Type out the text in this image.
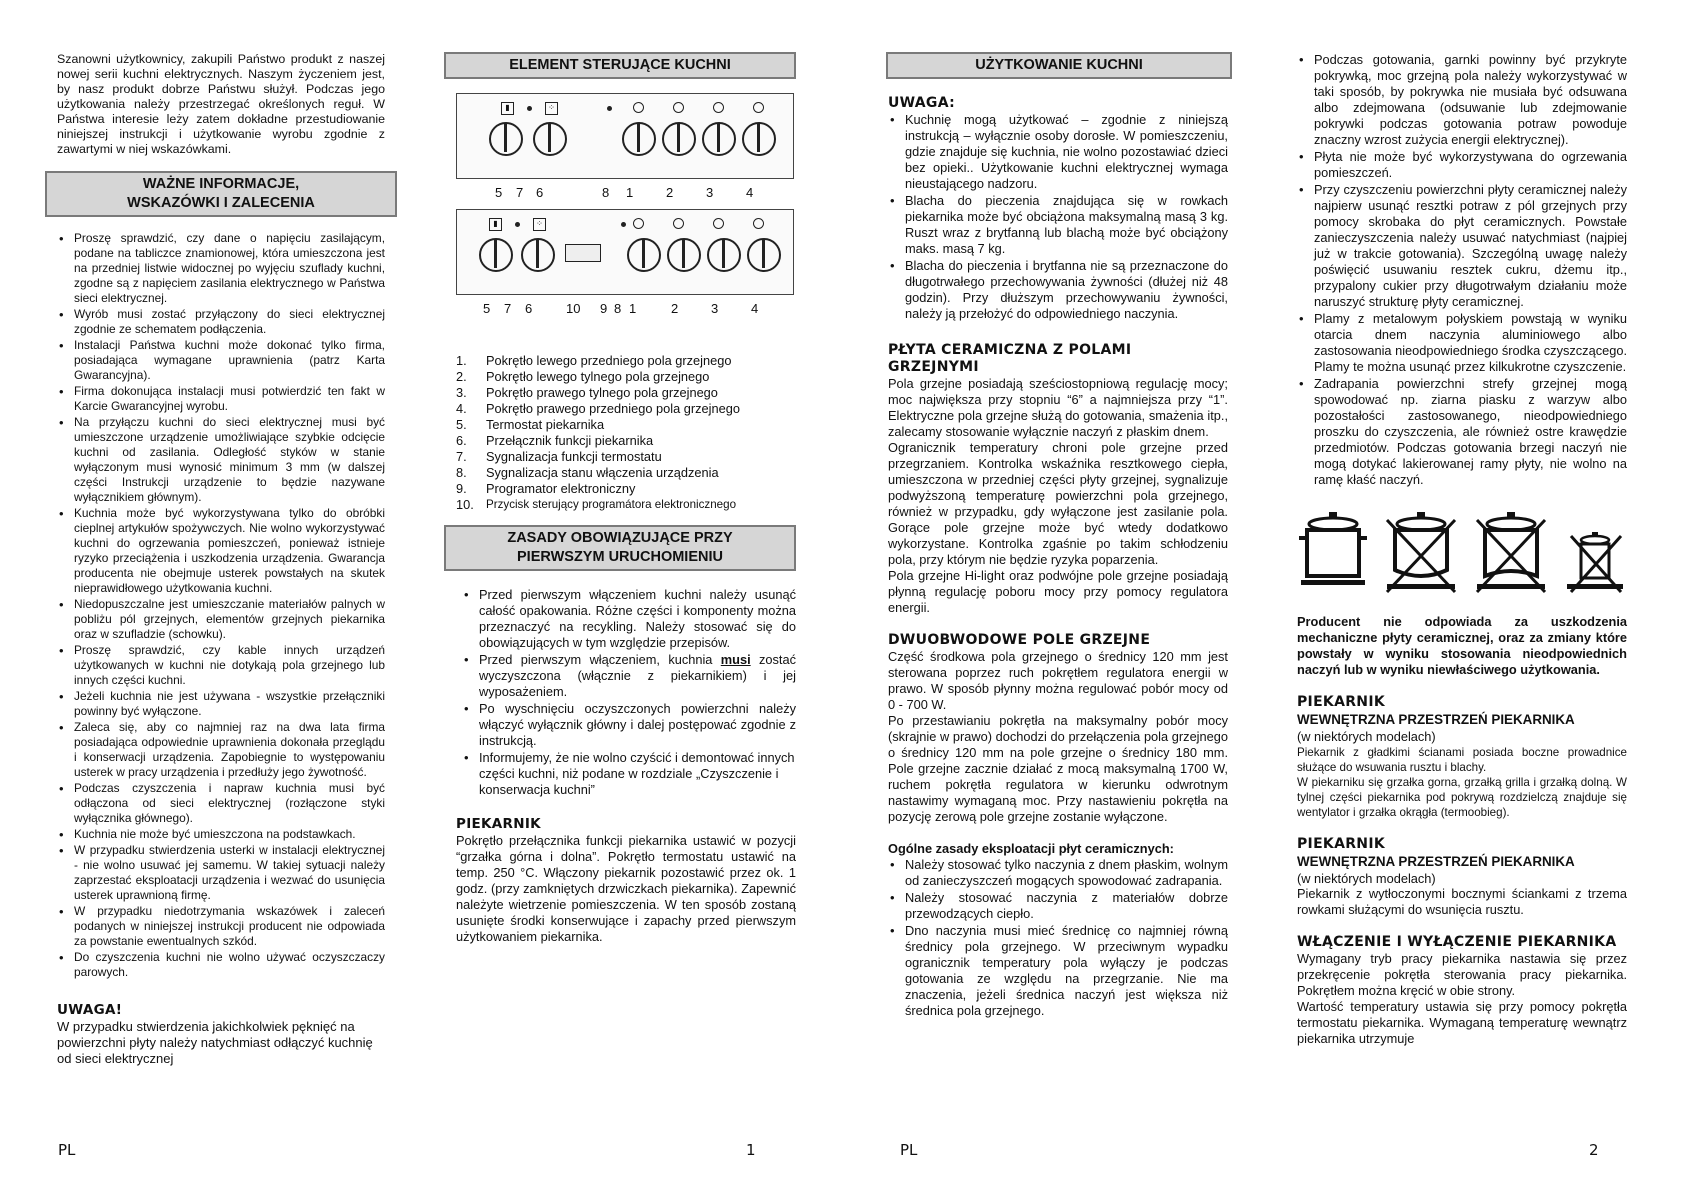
Szanowni użytkownicy, zakupili Państwo produkt z naszej nowej serii kuchni elektrycznych. Naszym życzeniem jest, by nasz produkt dobrze Państwu służył. Podczas jego użytkowania należy przestrzegać określonych reguł. W Państwa interesie leży zatem dokładne przestudiowanie niniejszej instrukcji i użytkowanie wyrobu zgodnie z zawartymi w niej wskazówkami.

WAŻNE INFORMACJE,
WSKAZÓWKI I ZALECENIA
• Proszę sprawdzić, czy dane o napięciu zasilającym, podane na tabliczce znamionowej, która umieszczona jest na przedniej listwie widocznej po wyjęciu szuflady kuchni, zgodne są z napięciem zasilania elektrycznego w Państwa sieci elektrycznej.
• Wyrób musi zostać przyłączony do sieci elektrycznej zgodnie ze schematem podłączenia.
• Instalacji Państwa kuchni może dokonać tylko firma, posiadająca wymagane uprawnienia (patrz Karta Gwarancyjna).
• Firma dokonująca instalacji musi potwierdzić ten fakt w Karcie Gwarancyjnej wyrobu.
• Na przyłączu kuchni do sieci elektrycznej musi być umieszczone urządzenie umożliwiające szybkie odcięcie kuchni od zasilania. Odległość styków w stanie wyłączonym musi wynosić minimum 3 mm (w dalszej części Instrukcji urządzenie to będzie nazywane wyłącznikiem głównym).
• Kuchnia może być wykorzystywana tylko do obróbki cieplnej artykułów spożywczych. Nie wolno wykorzystywać kuchni do ogrzewania pomieszczeń, ponieważ istnieje ryzyko przeciążenia i uszkodzenia urządzenia. Gwarancja producenta nie obejmuje usterek powstałych na skutek nieprawidłowego użytkowania kuchni.
• Niedopuszczalne jest umieszczanie materiałów palnych w pobliżu pól grzejnych, elementów grzejnych piekarnika oraz w szufladzie (schowku).
• Proszę sprawdzić, czy kable innych urządzeń użytkowanych w kuchni nie dotykają pola grzejnego lub innych części kuchni.
• Jeżeli kuchnia nie jest używana - wszystkie przełączniki powinny być wyłączone.
• Zaleca się, aby co najmniej raz na dwa lata firma posiadająca odpowiednie uprawnienia dokonała przeglądu i konserwacji urządzenia. Zapobiegnie to występowaniu usterek w pracy urządzenia i przedłuży jego żywotność.
• Podczas czyszczenia i napraw kuchnia musi być odłączona od sieci elektrycznej (rozłączone styki wyłącznika głównego).
• Kuchnia nie może być umieszczona na podstawkach.
• W przypadku stwierdzenia usterki w instalacji elektrycznej - nie wolno usuwać jej samemu. W takiej sytuacji należy zaprzestać eksploatacji urządzenia i wezwać do usunięcia usterek uprawnioną firmę.
• W przypadku niedotrzymania wskazówek i zaleceń podanych w niniejszej instrukcji producent nie odpowiada za powstanie ewentualnych szkód.
• Do czyszczenia kuchni nie wolno używać oczyszczaczy parowych.
UWAGA!

W przypadku stwierdzenia jakichkolwiek pęknięć na powierzchni płyty należy natychmiast odłączyć kuchnię od sieci elektrycznej

ELEMENT STERUJĄCE KUCHNI
▮	⁘
5 7 6	8 1	2	3	4
▮	⁘
5 7 6	10 9 8 1	2	3	4
1.	Pokrętło lewego przedniego pola grzejnego
2.	Pokrętło lewego tylnego pola grzejnego
3.	Pokrętło prawego tylnego pola grzejnego
4.	Pokrętło prawego przedniego pola grzejnego
5.	Termostat piekarnika
6.	Przełącznik funkcji piekarnika
7.	Sygnalizacja funkcji termostatu
8.	Sygnalizacja stanu włączenia urządzenia
9.	Programator elektroniczny
10.	Przycisk sterujący programátora elektronicznego
ZASADY OBOWIĄZUJĄCE PRZY
PIERWSZYM URUCHOMIENIU
• Przed pierwszym włączeniem kuchni należy usunąć całość opakowania. Różne części i komponenty można przeznaczyć na recykling. Należy stosować się do obowiązujących w tym względzie przepisów.
• Przed pierwszym włączeniem, kuchnia musi zostać wyczyszczona (włącznie z piekarnikiem) i jej wyposażeniem.
• Po wyschnięciu oczyszczonych powierzchni należy włączyć wyłącznik główny i dalej postępować zgodnie z instrukcją.
• Informujemy, że nie wolno czyścić i demontować innych części kuchni, niż podane w rozdziale „Czyszczenie i konserwacja kuchni”
PIEKARNIK

Pokrętło przełącznika funkcji piekarnika ustawić w pozycji “grzałka górna i dolna”. Pokrętło termostatu ustawić na temp. 250 °C. Włączony piekarnik pozostawić przez ok. 1 godz. (przy zamkniętych drzwiczkach piekarnika). Zapewnić należyte wietrzenie pomieszczenia. W ten sposób zostaną usunięte środki konserwujące i zapachy przed pierwszym użytkowaniem piekarnika.

UŻYTKOWANIE KUCHNI
UWAGA:
• Kuchnię mogą użytkować – zgodnie z niniejszą instrukcją – wyłącznie osoby dorosłe. W pomieszczeniu, gdzie znajduje się kuchnia, nie wolno pozostawiać dzieci bez opieki.. Użytkowanie kuchni elektrycznej wymaga nieustającego nadzoru.
• Blacha do pieczenia znajdująca się w rowkach piekarnika może być obciążona maksymalną masą 3 kg. Ruszt wraz z brytfanną lub blachą może być obciążony maks. masą 7 kg.
• Blacha do pieczenia i brytfanna nie są przeznaczone do długotrwałego przechowywania żywności (dłużej niż 48 godzin). Przy dłuższym przechowywaniu żywności, należy ją przełożyć do odpowiedniego naczynia.
PŁYTA CERAMICZNA Z POLAMI
GRZEJNYMI

Pola grzejne posiadają sześciostopniową regulację mocy; moc największa przy stopniu “6” a najmniejsza przy “1”. Elektryczne pola grzejne służą do gotowania, smażenia itp., zalecamy stosowanie wyłącznie naczyń z płaskim dnem.

Ogranicznik temperatury chroni pole grzejne przed przegrzaniem. Kontrolka wskaźnika resztkowego ciepła, umieszczona w przedniej części płyty grzejnej, sygnalizuje podwyższoną temperaturę powierzchni pola grzejnego, również w przypadku, gdy wyłączone jest zasilanie pola. Gorące pole grzejne może być wtedy dodatkowo wykorzystane. Kontrolka zgaśnie po takim schłodzeniu pola, przy którym nie będzie ryzyka poparzenia.

Pola grzejne Hi-light oraz podwójne pole grzejne posiadają płynną regulację poboru mocy przy pomocy regulatora energii.

DWUOBWODOWE POLE GRZEJNE

Część środkowa pola grzejnego o średnicy 120 mm jest sterowana poprzez ruch pokrętłem regulatora energii w prawo. W sposób płynny można regulować pobór mocy od 0 - 700 W.

Po przestawianiu pokrętła na maksymalny pobór mocy (skrajnie w prawo) dochodzi do przełączenia pola grzejnego o średnicy 120 mm na pole grzejne o średnicy 180 mm. Pole grzejne zacznie działać z mocą maksymalną 1700 W, ruchem pokrętła regulatora w kierunku odwrotnym nastawimy wymaganą moc. Przy nastawieniu pokrętła na pozycję zerową pole grzejne zostanie wyłączone.

Ogólne zasady eksploatacji płyt ceramicznych:
• Należy stosować tylko naczynia z dnem płaskim, wolnym od zanieczyszczeń mogących spowodować zadrapania.
• Należy stosować naczynia z materiałów dobrze przewodzących ciepło.
• Dno naczynia musi mieć średnicę co najmniej równą średnicy pola grzejnego. W przeciwnym wypadku ogranicznik temperatury pola wyłączy je podczas gotowania ze względu na przegrzanie. Nie ma znaczenia, jeżeli średnica naczyń jest większa niż średnica pola grzejnego.
• Podczas gotowania, garnki powinny być przykryte pokrywką, moc grzejną pola należy wykorzystywać w taki sposób, by pokrywka nie musiała być odsuwana albo zdejmowana (odsuwanie lub zdejmowanie pokrywki podczas gotowania potraw powoduje znaczny wzrost zużycia energii elektrycznej).
• Płyta nie może być wykorzystywana do ogrzewania pomieszczeń.
• Przy czyszczeniu powierzchni płyty ceramicznej należy najpierw usunąć resztki potraw z pól grzejnych przy pomocy skrobaka do płyt ceramicznych. Powstałe zanieczyszczenia należy usuwać natychmiast (najpiej już w trakcie gotowania). Szczególną uwagę należy poświęcić usuwaniu resztek cukru, dżemu itp., przypalony cukier przy długotrwałym działaniu może naruszyć strukturę płyty ceramicznej.
• Plamy z metalowym połyskiem powstają w wyniku otarcia dnem naczynia aluminiowego albo zastosowania nieodpowiedniego środka czyszczącego. Plamy te można usunąć przez kilkukrotne czyszczenie.
• Zadrapania powierzchni strefy grzejnej mogą spowodować np. ziarna piasku z warzyw albo pozostałości zastosowanego, nieodpowiedniego proszku do czyszczenia, ale również ostre krawędzie przedmiotów. Podczas gotowania brzegi naczyń nie mogą dotykać lakierowanej ramy płyty, nie wolno na ramę kłaść naczyń.

Producent nie odpowiada za uszkodzenia mechaniczne płyty ceramicznej, oraz za zmiany które powstały w wyniku stosowania nieodpowiednich naczyń lub w wyniku niewłaściwego użytkowania.

PIEKARNIK
WEWNĘTRZNA PRZESTRZEŃ PIEKARNIKA
(w niektórych modelach)

Piekarnik z gładkimi ścianami posiada boczne prowadnice służące do wsuwania rusztu i blachy.

W piekarniku się grzałka gorna, grzałką grilla i grzałką dolną. W tylnej części piekarnika pod pokrywą rozdzielczą znajduje się wentylator i grzałka okrągła (termoobieg).

PIEKARNIK
WEWNĘTRZNA PRZESTRZEŃ PIEKARNIKA
(w niektórych modelach)

Piekarnik z wytłoczonymi bocznymi ściankami z trzema rowkami służącymi do wsunięcia rusztu.

WŁĄCZENIE I WYŁĄCZENIE PIEKARNIKA

Wymagany tryb pracy piekarnika nastawia się przez przekręcenie pokrętła sterowania pracy piekarnika. Pokrętłem można kręcić w obie strony.

Wartość temperatury ustawia się przy pomocy pokrętła termostatu piekarnika. Wymaganą temperaturę wewnątrz piekarnika utrzymuje

PL	1	PL	2
